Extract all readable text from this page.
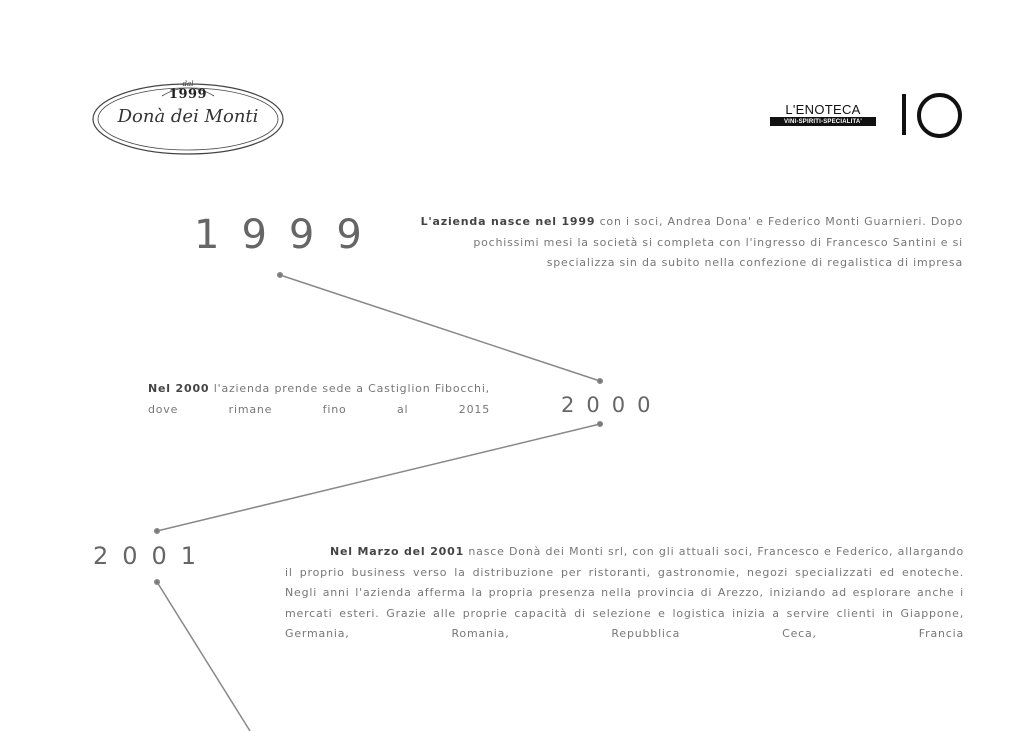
dal
1999
Donà dei Monti	L'ENOTECA
VINI-SPIRITI-SPECIALITA'
1999	L'azienda nasce nel 1999 con i soci, Andrea Dona' e Federico Monti Guarnieri. Dopo pochissimi mesi la società si completa con l'ingresso di Francesco Santini e si specializza sin da subito nella confezione di regalistica di impresa
2000
Nel 2000 l'azienda prende sede a Castiglion Fibocchi, dove rimane fino al 2015
2001	Nel Marzo del 2001 nasce Donà dei Monti srl, con gli attuali soci, Francesco e Federico, allargando il proprio business verso la distribuzione per ristoranti, gastronomie, negozi specializzati ed enoteche. Negli anni l'azienda afferma la propria presenza nella provincia di Arezzo, iniziando ad esplorare anche i mercati esteri. Grazie alle proprie capacità di selezione e logistica inizia a servire clienti in Giappone, Germania, Romania, Repubblica Ceca, Francia
